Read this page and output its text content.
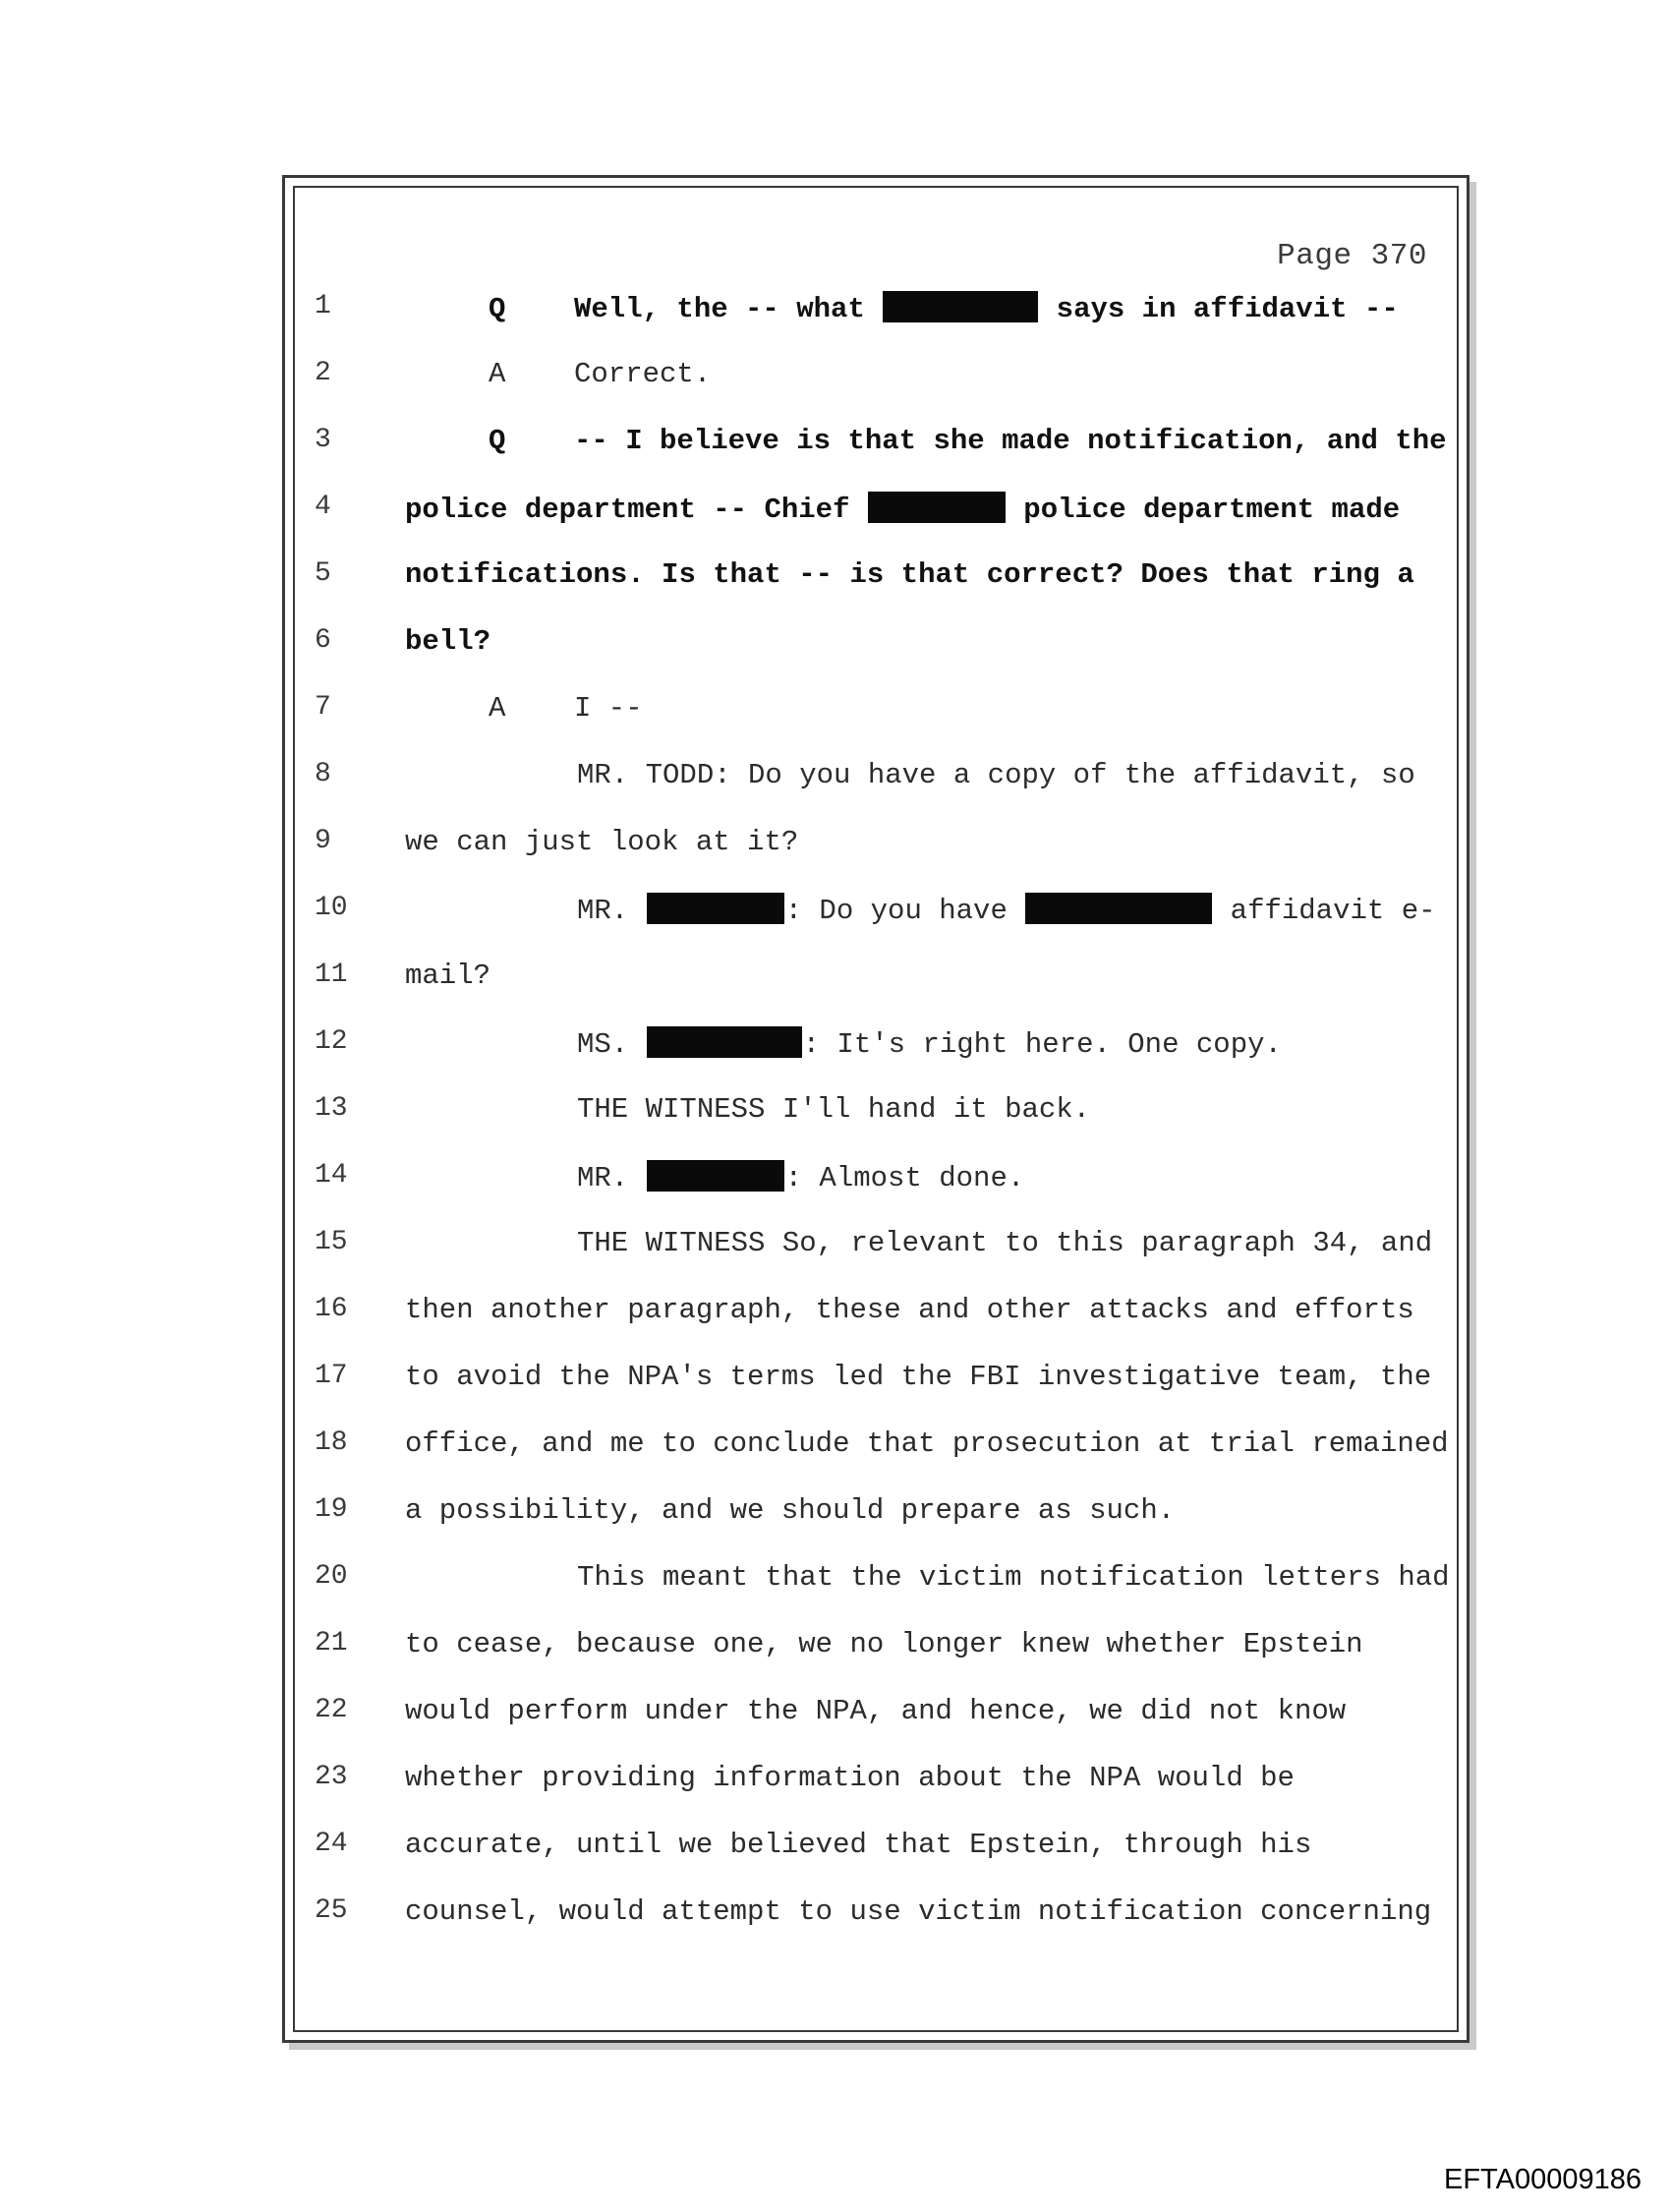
Page 370
1	Q Well, the -- what	says in affidavit --
2	A Correct.
3	Q -- I believe is that she made notification, and the
4	police department -- Chief	police department made
5	notifications. Is that -- is that correct? Does that ring a
6	bell?
7	A I --
8	MR. TODD: Do you have a copy of the affidavit, so
9	we can just look at it?
10	MR.	: Do you have	affidavit e-
11	mail?
12	MS.	: It's right here. One copy.
13	THE WITNESS I'll hand it back.
14	MR.	: Almost done.
15	THE WITNESS So, relevant to this paragraph 34, and
16	then another paragraph, these and other attacks and efforts
17	to avoid the NPA's terms led the FBI investigative team, the
18	office, and me to conclude that prosecution at trial remained
19	a possibility, and we should prepare as such.
20	This meant that the victim notification letters had
21	to cease, because one, we no longer knew whether Epstein
22	would perform under the NPA, and hence, we did not know
23	whether providing information about the NPA would be
24	accurate, until we believed that Epstein, through his
25	counsel, would attempt to use victim notification concerning
EFTA00009186
